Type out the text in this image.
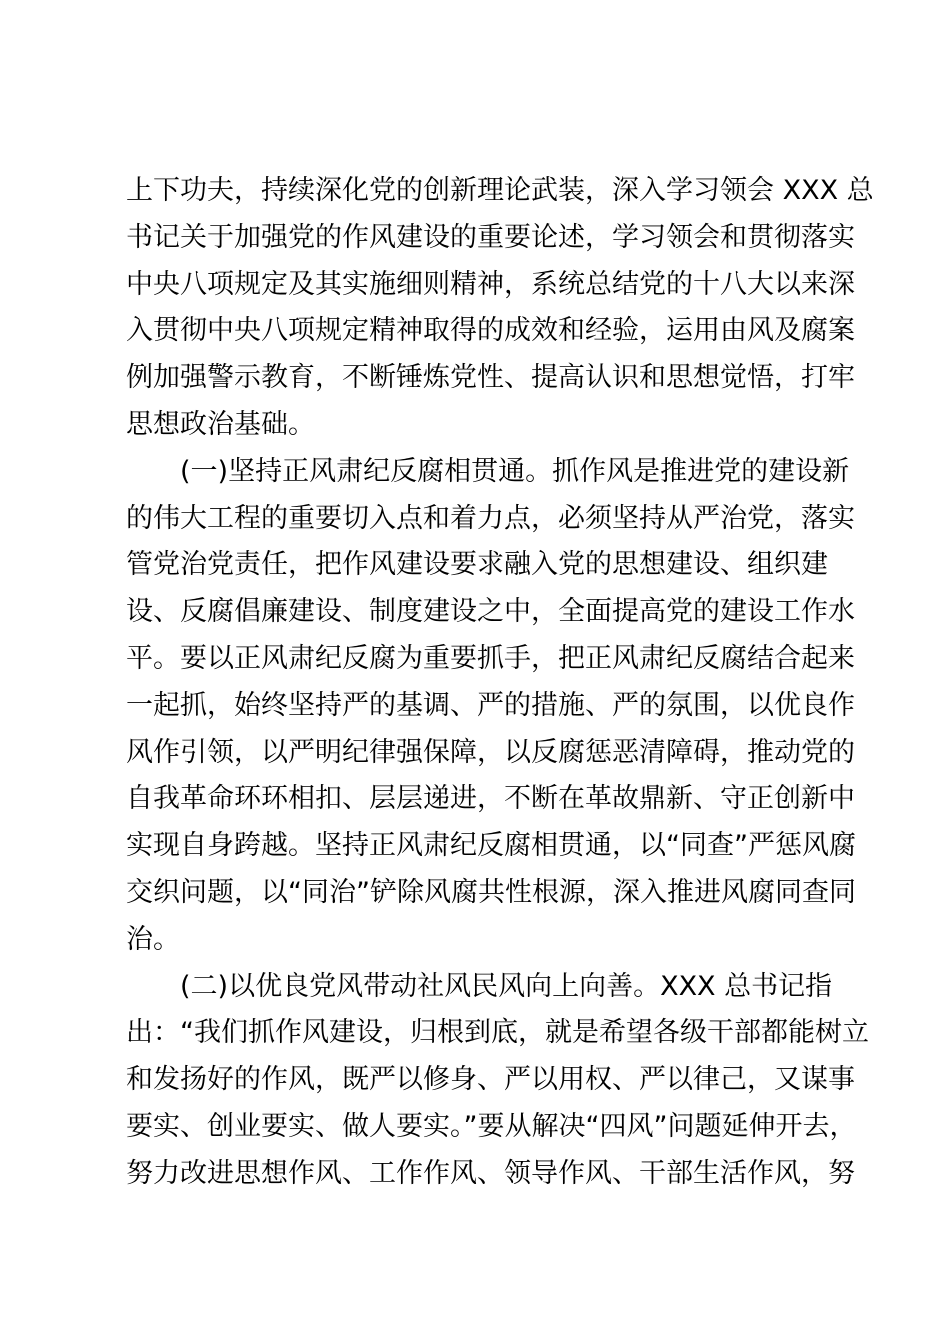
上下功夫，持续深化党的创新理论武装，深入学习领会 XXX 总
书记关于加强党的作风建设的重要论述，学习领会和贯彻落实
中央八项规定及其实施细则精神，系统总结党的十八大以来深
入贯彻中央八项规定精神取得的成效和经验，运用由风及腐案
例加强警示教育，不断锤炼党性、提高认识和思想觉悟，打牢
思想政治基础。
　　(一)坚持正风肃纪反腐相贯通。抓作风是推进党的建设新
的伟大工程的重要切入点和着力点，必须坚持从严治党，落实
管党治党责任，把作风建设要求融入党的思想建设、组织建
设、反腐倡廉建设、制度建设之中，全面提高党的建设工作水
平。要以正风肃纪反腐为重要抓手，把正风肃纪反腐结合起来
一起抓，始终坚持严的基调、严的措施、严的氛围，以优良作
风作引领，以严明纪律强保障，以反腐惩恶清障碍，推动党的
自我革命环环相扣、层层递进，不断在革故鼎新、守正创新中
实现自身跨越。坚持正风肃纪反腐相贯通，以“同查”严惩风腐
交织问题，以“同治”铲除风腐共性根源，深入推进风腐同查同
治。
　　(二)以优良党风带动社风民风向上向善。XXX 总书记指
出：“我们抓作风建设，归根到底，就是希望各级干部都能树立
和发扬好的作风，既严以修身、严以用权、严以律己，又谋事
要实、创业要实、做人要实。”要从解决“四风”问题延伸开去，
努力改进思想作风、工作作风、领导作风、干部生活作风，努
